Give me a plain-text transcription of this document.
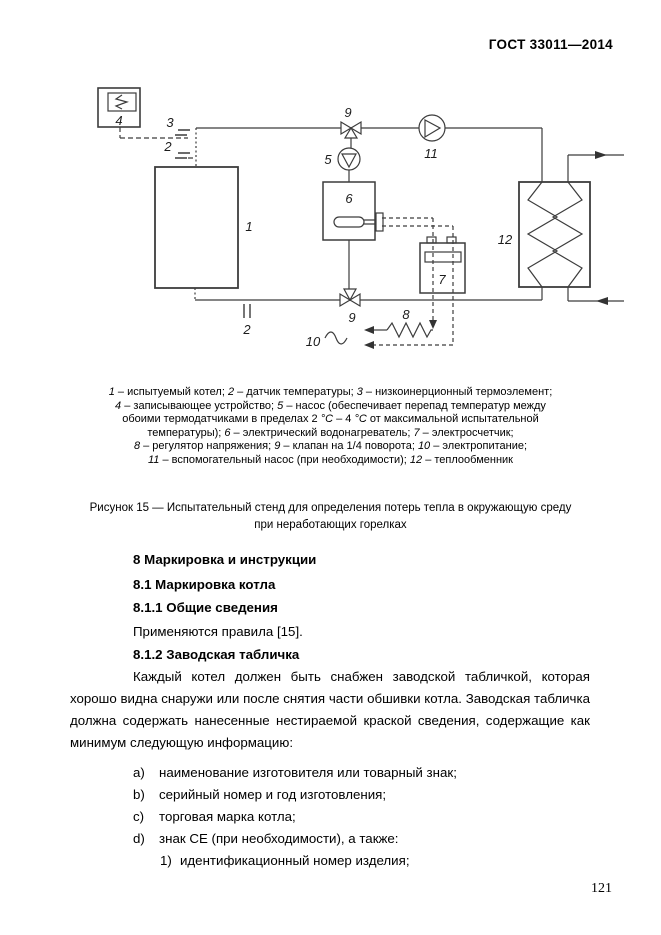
ГОСТ 33011—2014
4	3
2
1
9
5
6
11
12
7
9
2
8
10
1 – испытуемый котел; 2 – датчик температуры; 3 – низкоинерционный термоэлемент;
4 – записывающее устройство; 5 – насос (обеспечивает перепад температур между
обоими термодатчиками в пределах 2 °С – 4 °С от максимальной испытательной
температуры); 6 – электрический водонагреватель; 7 – электросчетчик;
8 – регулятор напряжения; 9 – клапан на 1/4 поворота; 10 – электропитание;
11 – вспомогательный насос (при необходимости); 12 – теплообменник
Рисунок 15 — Испытательный стенд для определения потерь тепла в окружающую среду
при неработающих горелках
8 Маркировка и инструкции
8.1 Маркировка котла
8.1.1 Общие сведения
Применяются правила [15].
8.1.2 Заводская табличка
Каждый котел должен быть снабжен заводской табличкой, которая хорошо видна снаружи или после снятия части обшивки котла. Заводская табличка должна содержать нанесенные нестираемой краской сведения, содержащие как минимум следующую информацию:
a)	наименование изготовителя или товарный знак;
b)	серийный номер и год изготовления;
c)	торговая марка котла;
d)	знак СЕ (при необходимости), а также:
1) идентификационный номер изделия;
121
